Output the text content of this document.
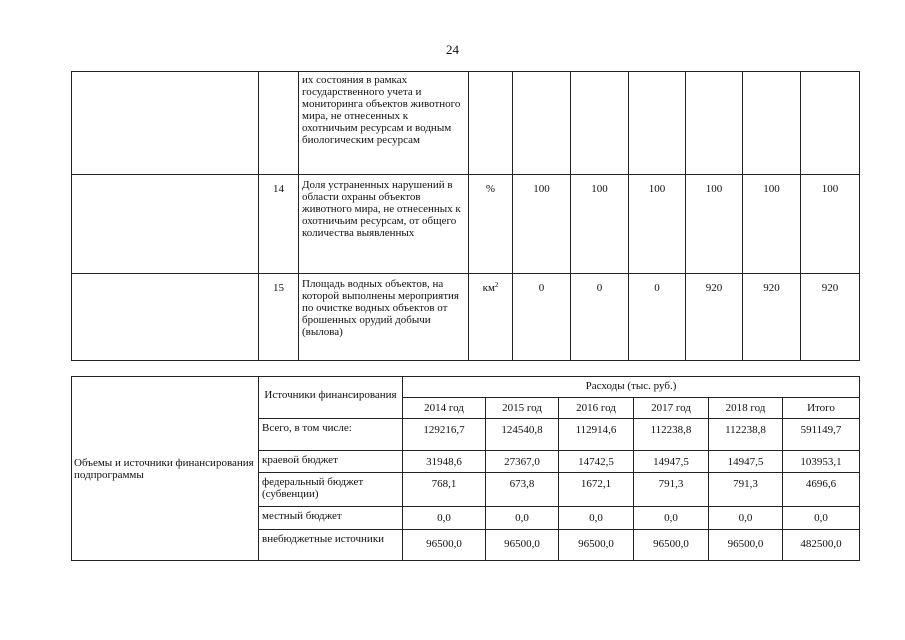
24
		их состояния в рамках государственного учета и мониторинга объектов животного мира, не отнесенных к охотничьим ресурсам и водным биологическим ресурсам							
	14	Доля устраненных нарушений в области охраны объектов животного мира, не отнесенных к охотничьим ресурсам, от общего количества выявленных	%	100	100	100	100	100	100
	15	Площадь водных объектов, на которой выполнены мероприятия по очистке водных объектов от брошенных орудий добычи (вылова)	$км^2$	0	0	0	920	920	920
Объемы и источники финансирования подпрограммы	Источники финансирования	Расходы (тыс. руб.)					
		2014 год	2015 год	2016 год	2017 год	2018 год	Итого
	Всего, в том числе:	129216,7	124540,8	112914,6	112238,8	112238,8	591149,7
	краевой бюджет	31948,6	27367,0	14742,5	14947,5	14947,5	103953,1
	федеральный бюджет (субвенции)	768,1	673,8	1672,1	791,3	791,3	4696,6
	местный бюджет	0,0	0,0	0,0	0,0	0,0	0,0
	внебюджетные источники	96500,0	96500,0	96500,0	96500,0	96500,0	482500,0
